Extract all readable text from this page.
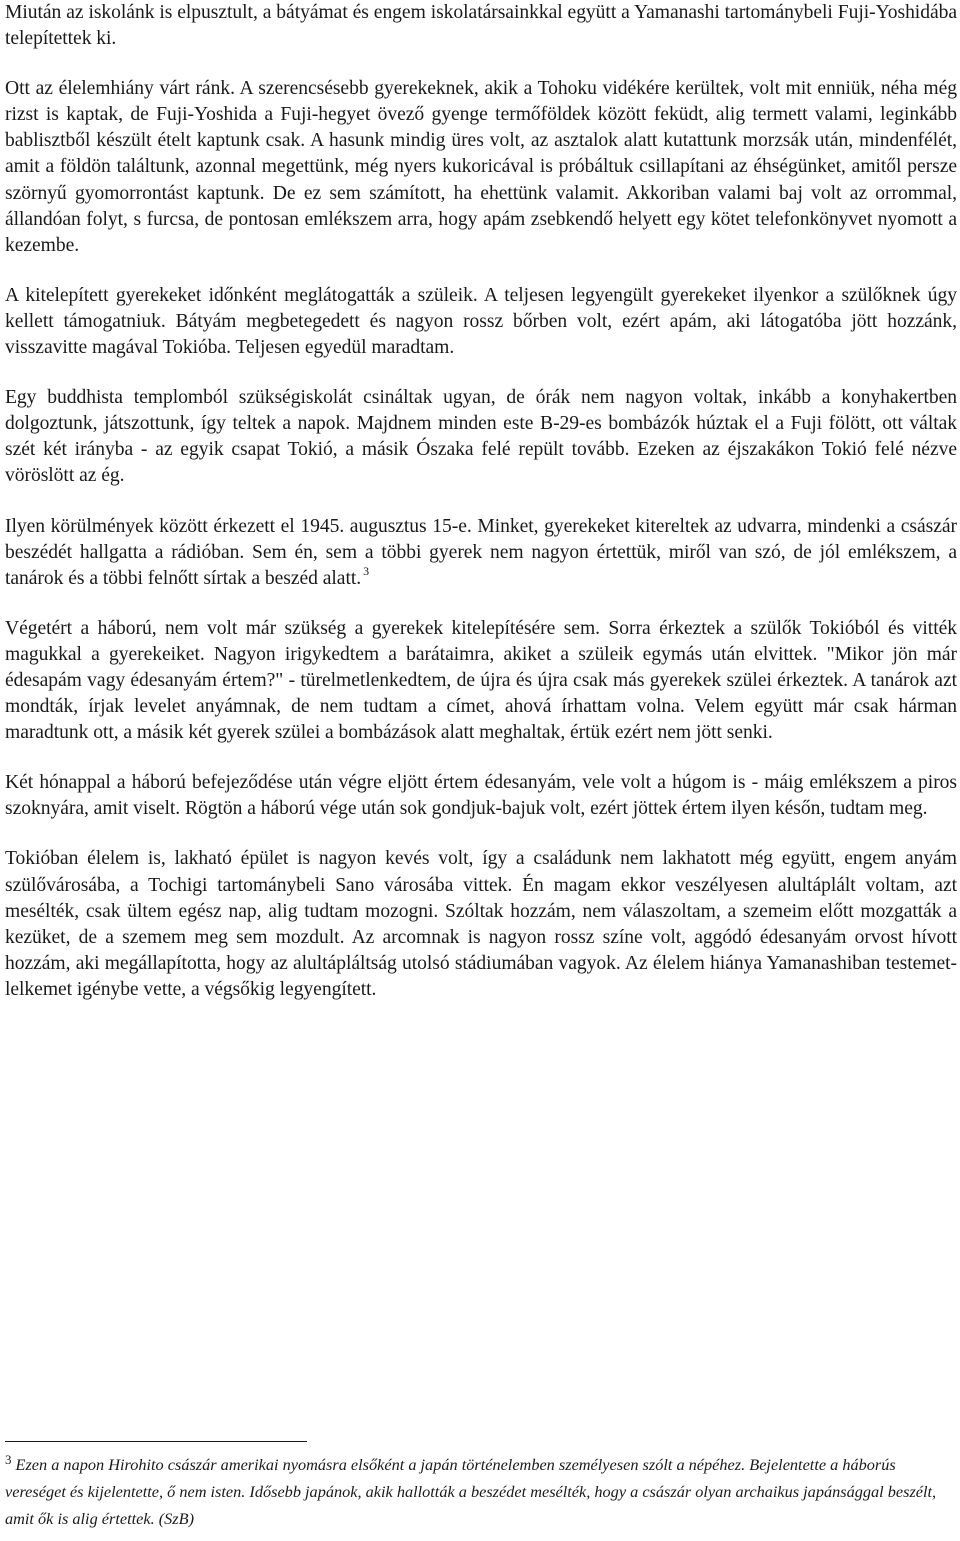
Miután az iskolánk is elpusztult, a bátyámat és engem iskolatársainkkal együtt a Yamanashi tartománybeli Fuji-Yoshidába telepítettek ki.

Ott az élelemhiány várt ránk. A szerencsésebb gyerekeknek, akik a Tohoku vidékére kerültek, volt mit enniük, néha még rizst is kaptak, de Fuji-Yoshida a Fuji-hegyet övező gyenge termőföldek között feküdt, alig termett valami, leginkább bablisztből készült ételt kaptunk csak. A hasunk mindig üres volt, az asztalok alatt kutattunk morzsák után, mindenfélét, amit a földön találtunk, azonnal megettünk, még nyers kukoricával is próbáltuk csillapítani az éhségünket, amitől persze szörnyű gyomorrontást kaptunk. De ez sem számított, ha ehettünk valamit. Akkoriban valami baj volt az orrommal, állandóan folyt, s furcsa, de pontosan emlékszem arra, hogy apám zsebkendő helyett egy kötet telefonkönyvet nyomott a kezembe.

A kitelepített gyerekeket időnként meglátogatták a szüleik. A teljesen legyengült gyerekeket ilyenkor a szülőknek úgy kellett támogatniuk. Bátyám megbetegedett és nagyon rossz bőrben volt, ezért apám, aki látogatóba jött hozzánk, visszavitte magával Tokióba. Teljesen egyedül maradtam.

Egy buddhista templomból szükségiskolát csináltak ugyan, de órák nem nagyon voltak, inkább a konyhakertben dolgoztunk, játszottunk, így teltek a napok. Majdnem minden este B-29-es bombázók húztak el a Fuji fölött, ott váltak szét két irányba - az egyik csapat Tokió, a másik Ószaka felé repült tovább. Ezeken az éjszakákon Tokió felé nézve vöröslött az ég.

Ilyen körülmények között érkezett el 1945. augusztus 15-e. Minket, gyerekeket kitereltek az udvarra, mindenki a császár beszédét hallgatta a rádióban. Sem én, sem a többi gyerek nem nagyon értettük, miről van szó, de jól emlékszem, a tanárok és a többi felnőtt sírtak a beszéd alatt. $^3$

Végetért a háború, nem volt már szükség a gyerekek kitelepítésére sem. Sorra érkeztek a szülők Tokióból és vitték magukkal a gyerekeiket. Nagyon irigykedtem a barátaimra, akiket a szüleik egymás után elvittek. "Mikor jön már édesapám vagy édesanyám értem?" - türelmetlenkedtem, de újra és újra csak más gyerekek szülei érkeztek. A tanárok azt mondták, írjak levelet anyámnak, de nem tudtam a címet, ahová írhattam volna. Velem együtt már csak hárman maradtunk ott, a másik két gyerek szülei a bombázások alatt meghaltak, értük ezért nem jött senki.

Két hónappal a háború befejeződése után végre eljött értem édesanyám, vele volt a húgom is - máig emlékszem a piros szoknyára, amit viselt. Rögtön a háború vége után sok gondjuk-bajuk volt, ezért jöttek értem ilyen későn, tudtam meg.

Tokióban élelem is, lakható épület is nagyon kevés volt, így a családunk nem lakhatott még együtt, engem anyám szülővárosába, a Tochigi tartománybeli Sano városába vittek. Én magam ekkor veszélyesen alultáplált voltam, azt mesélték, csak ültem egész nap, alig tudtam mozogni. Szóltak hozzám, nem válaszoltam, a szemeim előtt mozgatták a kezüket, de a szemem meg sem mozdult. Az arcomnak is nagyon rossz színe volt, aggódó édesanyám orvost hívott hozzám, aki megállapította, hogy az alultápláltság utolsó stádiumában vagyok. Az élelem hiánya Yamanashiban testemet-lelkemet igénybe vette, a végsőkig legyengített.

$^3$ Ezen a napon Hirohito császár amerikai nyomásra elsőként a japán történelemben személyesen szólt a népéhez. Bejelentette a háborús vereséget és kijelentette, ő nem isten. Idősebb japánok, akik hallották a beszédet mesélték, hogy a császár olyan archaikus japánsággal beszélt, amit ők is alig értettek. (SzB)
